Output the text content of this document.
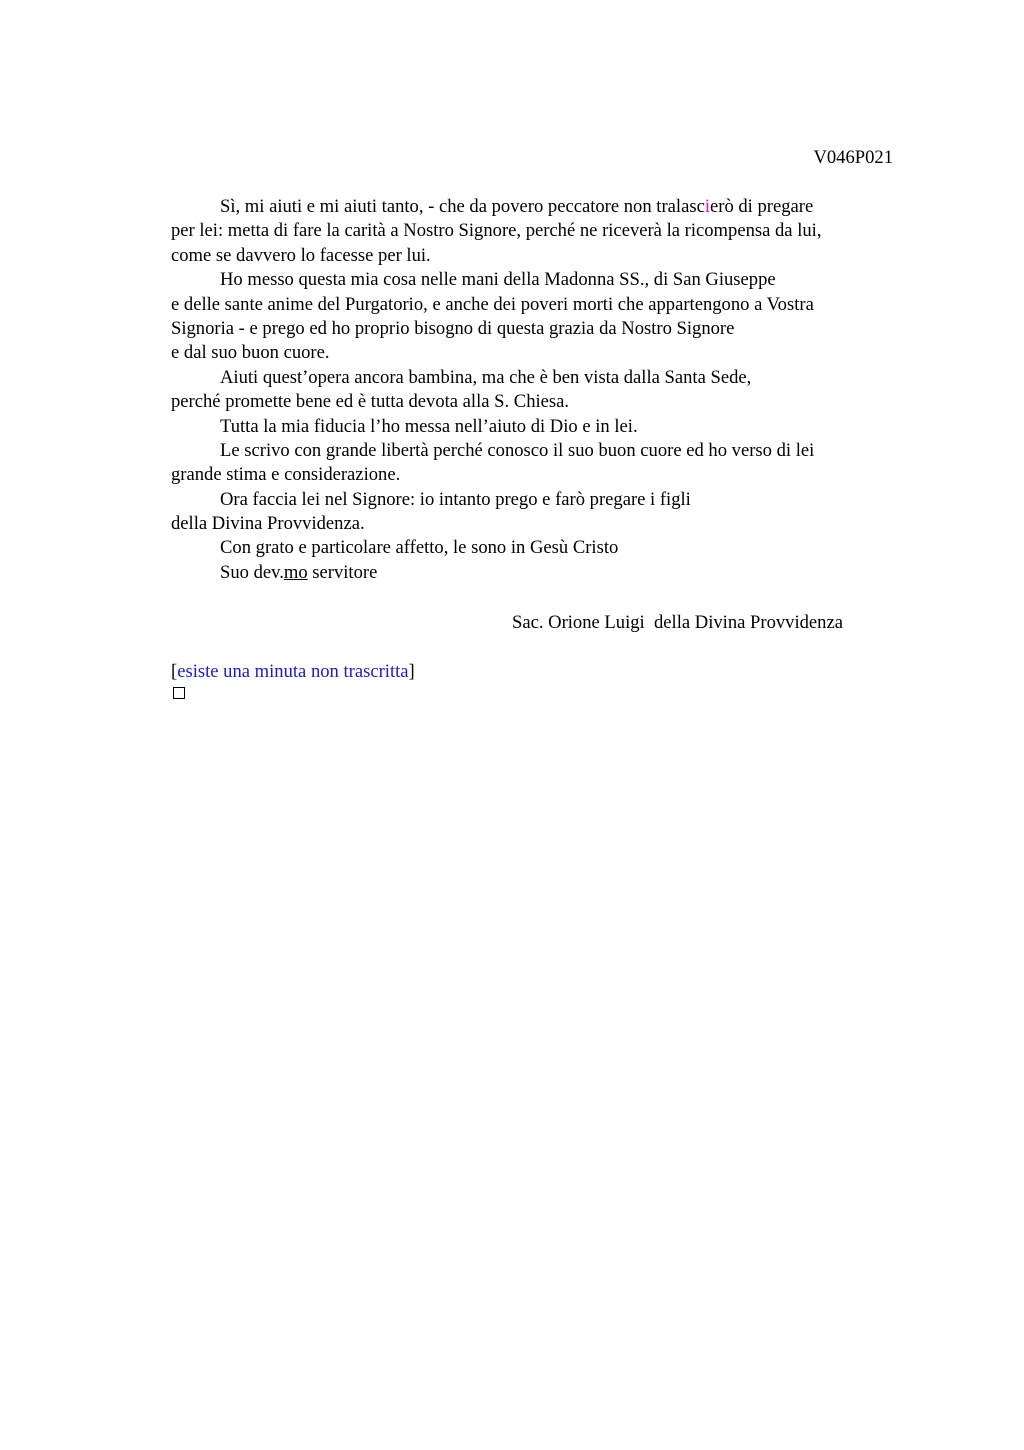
V046P021
Sì, mi aiuti e mi aiuti tanto, - che da povero peccatore non tralascierò di pregare
per lei: metta di fare la carità a Nostro Signore, perché ne riceverà la ricompensa da lui,
come se davvero lo facesse per lui.
Ho messo questa mia cosa nelle mani della Madonna SS., di San Giuseppe
e delle sante anime del Purgatorio, e anche dei poveri morti che appartengono a Vostra
Signoria - e prego ed ho proprio bisogno di questa grazia da Nostro Signore
e dal suo buon cuore.
Aiuti quest’opera ancora bambina, ma che è ben vista dalla Santa Sede,
perché promette bene ed è tutta devota alla S. Chiesa.
Tutta la mia fiducia l’ho messa nell’aiuto di Dio e in lei.
Le scrivo con grande libertà perché conosco il suo buon cuore ed ho verso di lei
grande stima e considerazione.
Ora faccia lei nel Signore: io intanto prego e farò pregare i figli
della Divina Provvidenza.
Con grato e particolare affetto, le sono in Gesù Cristo
Suo dev.mo servitore
Sac. Orione Luigi  della Divina Provvidenza
[esiste una minuta non trascritta]
